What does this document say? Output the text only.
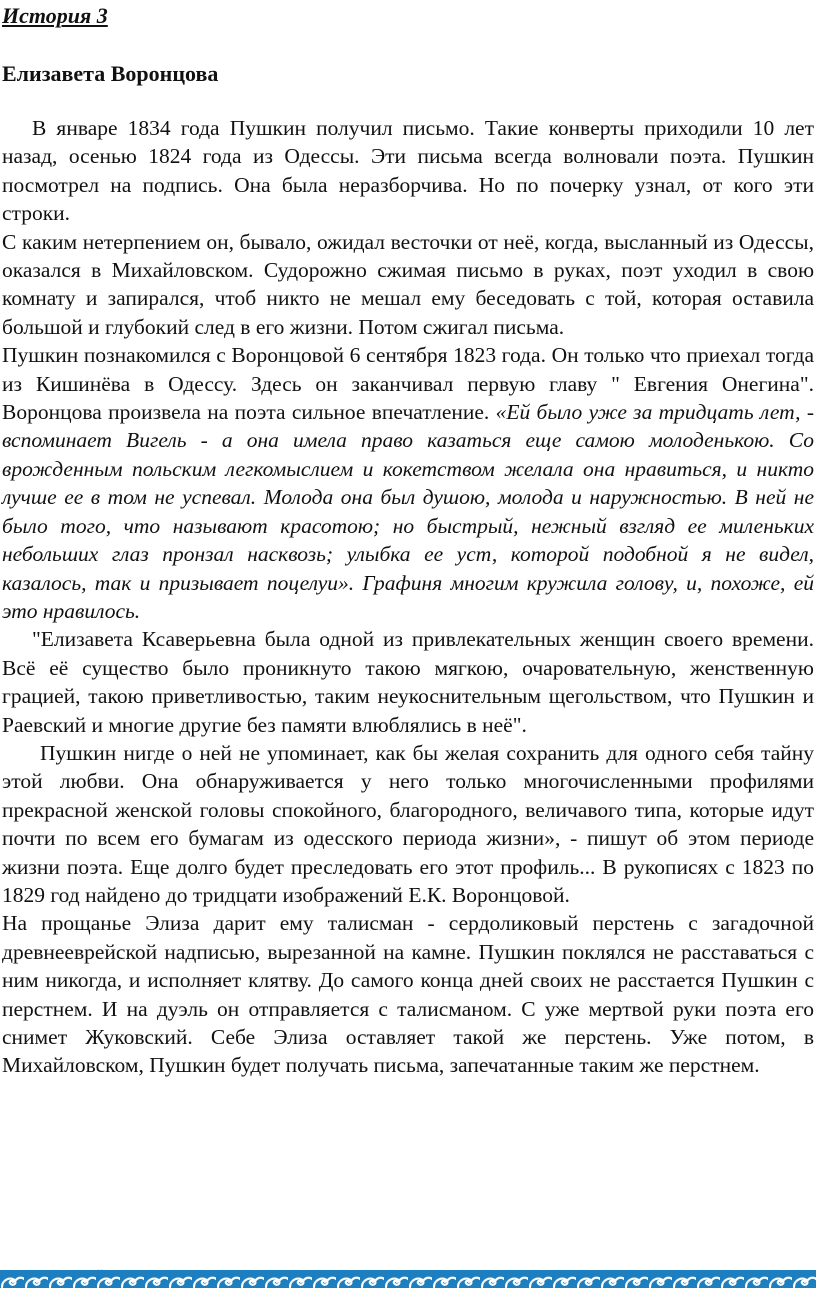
История 3
Елизавета Воронцова

В январе 1834 года Пушкин получил письмо. Такие конверты приходили 10 лет назад, осенью 1824 года из Одессы. Эти письма всегда волновали поэта. Пушкин посмотрел на подпись. Она была неразборчива. Но по почерку узнал, от кого эти строки.

С каким нетерпением он, бывало, ожидал весточки от неё, когда, высланный из Одессы, оказался в Михайловском. Судорожно сжимая письмо в руках, поэт уходил в свою комнату и запирался, чтоб никто не мешал ему беседовать с той, которая оставила большой и глубокий след в его жизни. Потом сжигал письма.

Пушкин познакомился с Воронцовой 6 сентября 1823 года. Он только что приехал тогда из Кишинёва в Одессу. Здесь он заканчивал первую главу " Евгения Онегина". Воронцова произвела на поэта сильное впечатление. «Ей было уже за тридцать лет, - вспоминает Вигель - а она имела право казаться еще самою молоденькою. Со врожденным польским легкомыслием и кокетством желала она нравиться, и никто лучше ее в том не успевал. Молода она был душою, молода и наружностью. В ней не было того, что называют красотою; но быстрый, нежный взгляд ее миленьких небольших глаз пронзал насквозь; улыбка ее уст, которой подобной я не видел, казалось, так и призывает поцелуи». Графиня многим кружила голову, и, похоже, ей это нравилось.

"Елизавета Ксаверьевна была одной из привлекательных женщин своего времени. Всё её существо было проникнуто такою мягкою, очаровательную, женственную грацией, такою приветливостью, таким неукоснительным щегольством, что Пушкин и Раевский и многие другие без памяти влюблялись в неё".

Пушкин нигде о ней не упоминает, как бы желая сохранить для одного себя тайну этой любви. Она обнаруживается у него только многочисленными профилями прекрасной женской головы спокойного, благородного, величавого типа, которые идут почти по всем его бумагам из одесского периода жизни», - пишут об этом периоде жизни поэта. Еще долго будет преследовать его этот профиль... В рукописях с 1823 по 1829 год найдено до тридцати изображений Е.К. Воронцовой.

На прощанье Элиза дарит ему талисман - сердоликовый перстень с загадочной древнееврейской надписью, вырезанной на камне. Пушкин поклялся не расставаться с ним никогда, и исполняет клятву. До самого конца дней своих не расстается Пушкин с перстнем. И на дуэль он отправляется с талисманом. С уже мертвой руки поэта его снимет Жуковский. Себе Элиза оставляет такой же перстень. Уже потом, в Михайловском, Пушкин будет получать письма, запечатанные таким же перстнем.
